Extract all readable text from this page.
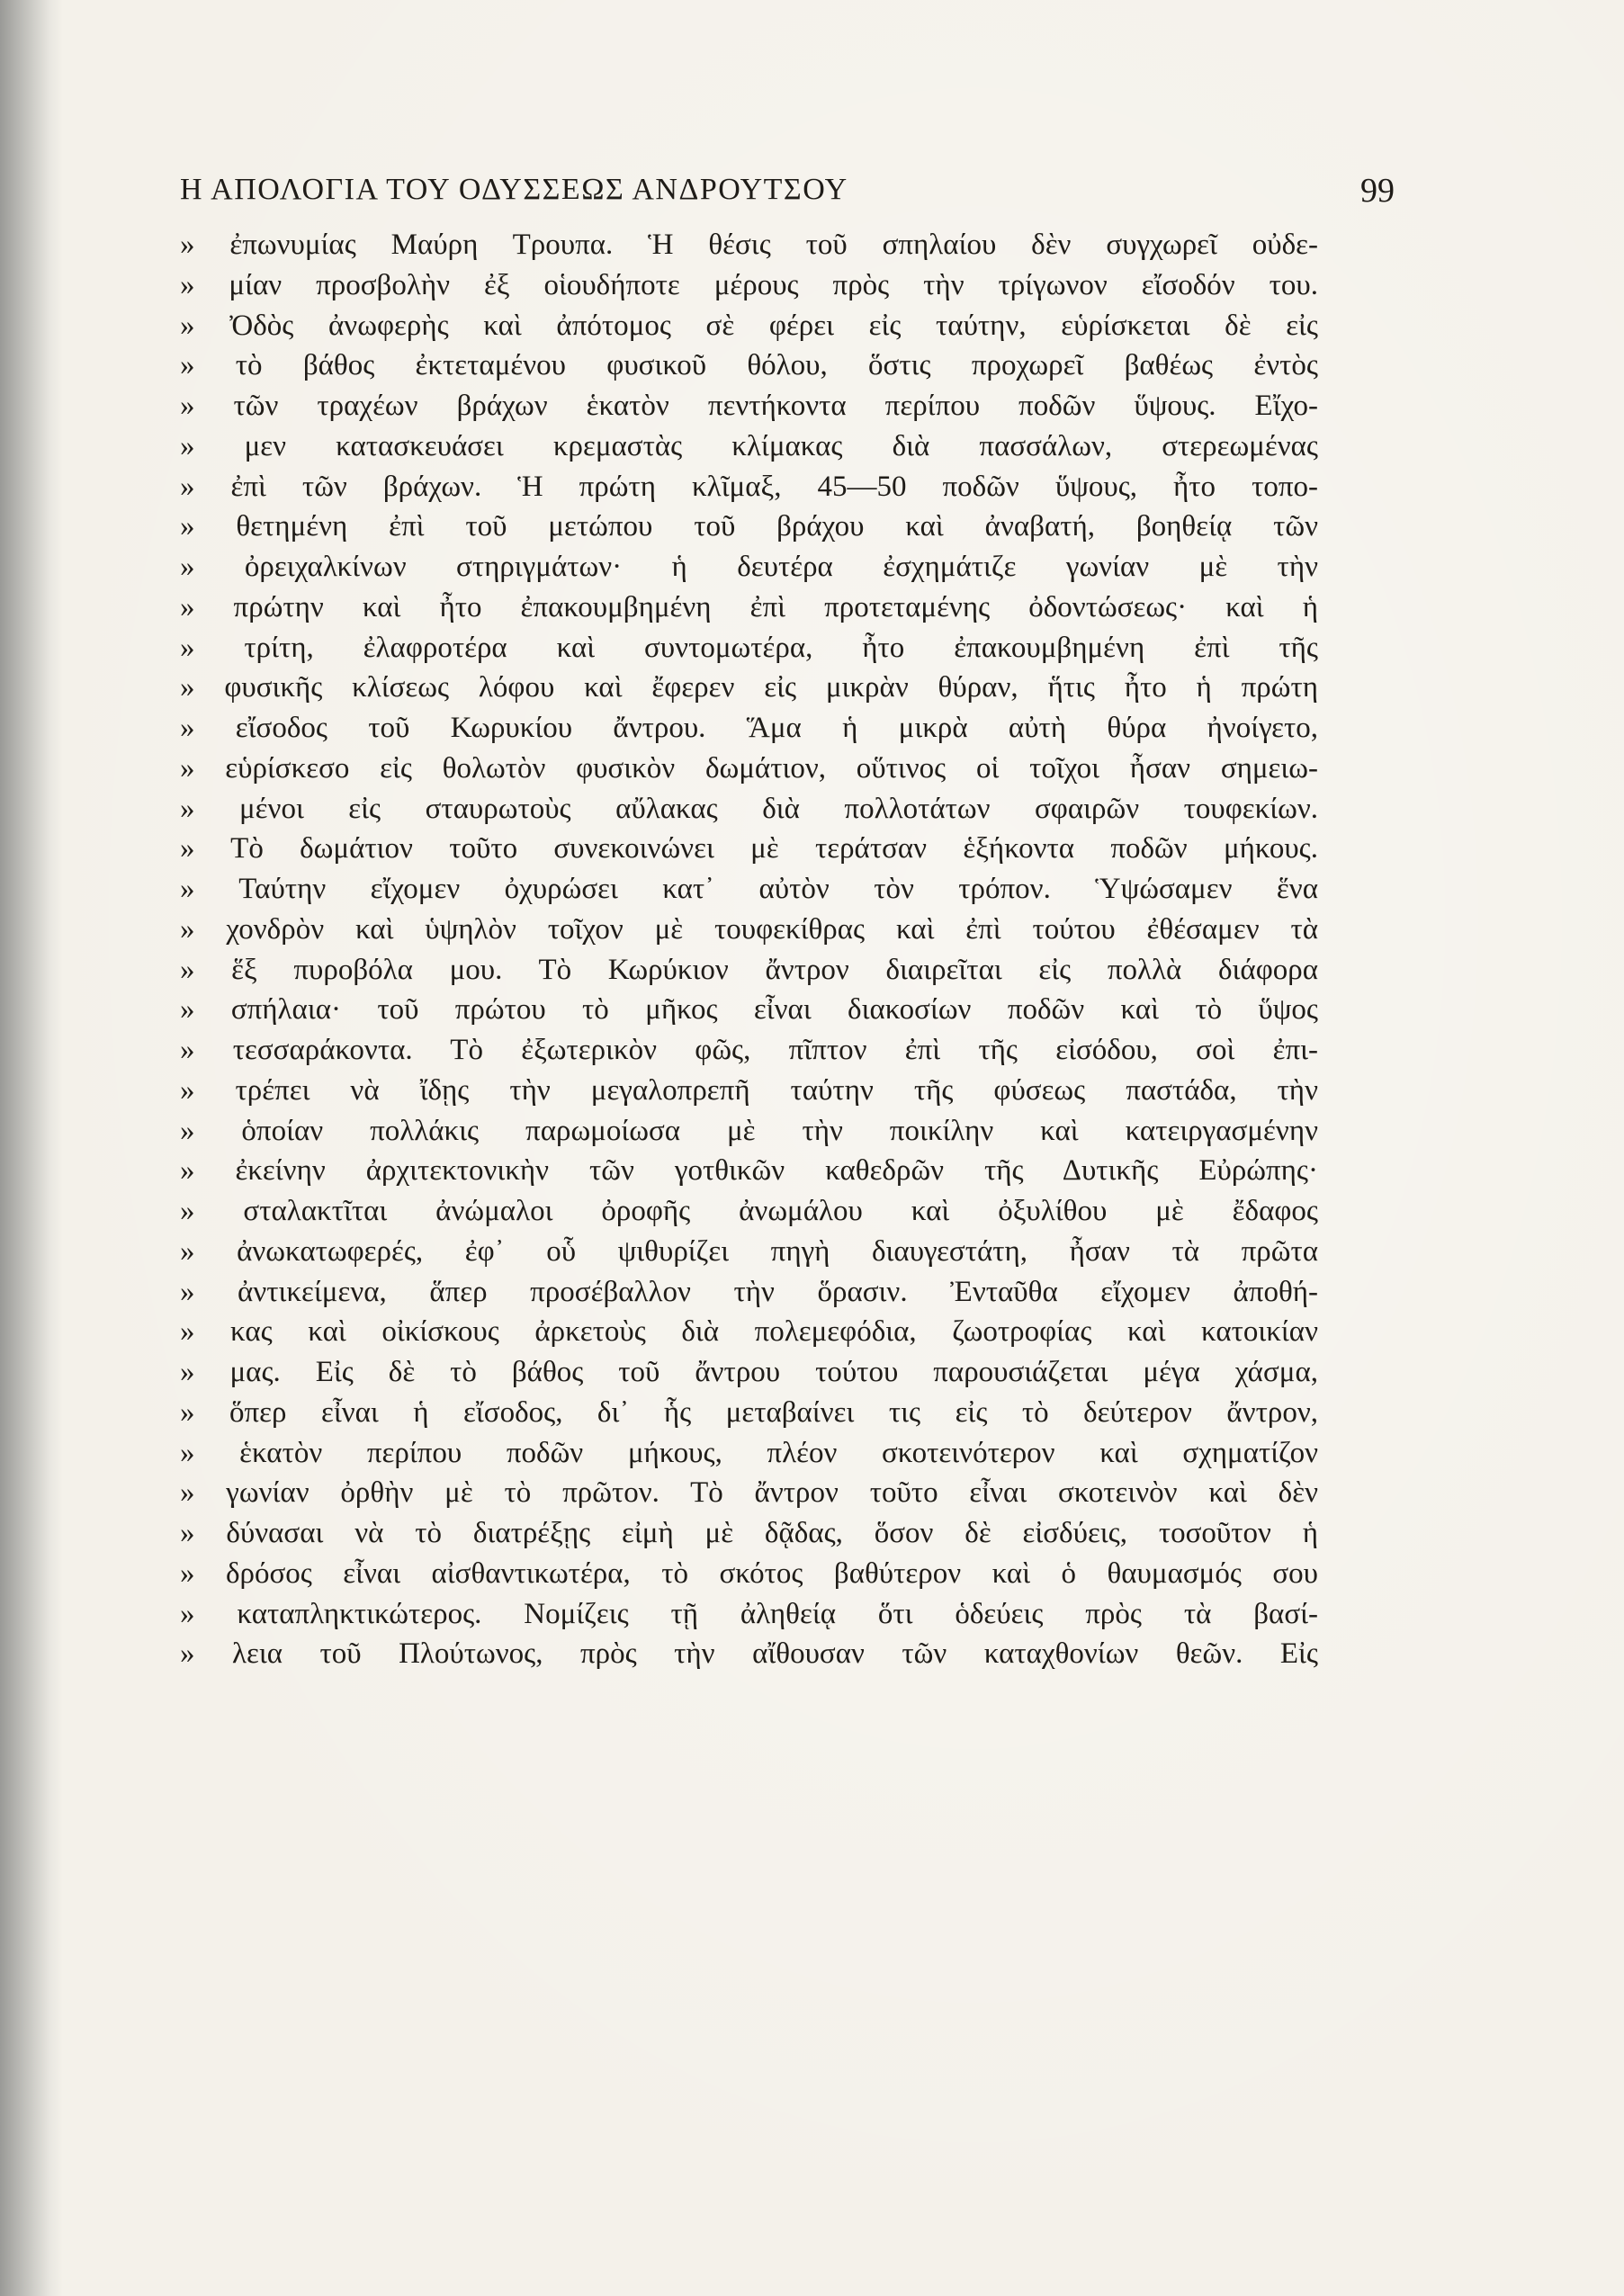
Η ΑΠΟΛΟΓΙΑ ΤΟΥ ΟΔΥΣΣΕΩΣ ΑΝΔΡΟΥΤΣΟΥ	99
» ἐπωνυμίας Μαύρη Τρουπα. Ἡ θέσις τοῦ σπηλαίου δὲν συγχωρεῖ οὐδε-
» μίαν προσβολὴν ἐξ οἱουδήποτε μέρους πρὸς τὴν τρίγωνον εἴσοδόν του.
» Ὀδὸς ἀνωφερὴς καὶ ἀπότομος σὲ φέρει εἰς ταύτην, εὑρίσκεται δὲ εἰς
» τὸ βάθος ἐκτεταμένου φυσικοῦ θόλου, ὅστις προχωρεῖ βαθέως ἐντὸς
» τῶν τραχέων βράχων ἑκατὸν πεντήκοντα περίπου ποδῶν ὕψους. Εἴχο-
» μεν κατασκευάσει κρεμαστὰς κλίμακας διὰ πασσάλων, στερεωμένας
» ἐπὶ τῶν βράχων. Ἡ πρώτη κλῖμαξ, 45—50 ποδῶν ὕψους, ἦτο τοπο-
» θετημένη ἐπὶ τοῦ μετώπου τοῦ βράχου καὶ ἀναβατή, βοηθείᾳ τῶν
» ὀρειχαλκίνων στηριγμάτων· ἡ δευτέρα ἐσχημάτιζε γωνίαν μὲ τὴν
» πρώτην καὶ ἦτο ἐπακουμβημένη ἐπὶ προτεταμένης ὀδοντώσεως· καὶ ἡ
» τρίτη, ἐλαφροτέρα καὶ συντομωτέρα, ἦτο ἐπακουμβημένη ἐπὶ τῆς
» φυσικῆς κλίσεως λόφου καὶ ἔφερεν εἰς μικρὰν θύραν, ἥτις ἦτο ἡ πρώτη
» εἴσοδος τοῦ Κωρυκίου ἄντρου. Ἅμα ἡ μικρὰ αὐτὴ θύρα ἠνοίγετο,
» εὑρίσκεσο εἰς θολωτὸν φυσικὸν δωμάτιον, οὕτινος οἱ τοῖχοι ἦσαν σημειω-
» μένοι εἰς σταυρωτοὺς αὔλακας διὰ πολλοτάτων σφαιρῶν τουφεκίων.
» Τὸ δωμάτιον τοῦτο συνεκοινώνει μὲ τεράτσαν ἑξήκοντα ποδῶν μήκους.
» Ταύτην εἴχομεν ὀχυρώσει κατ᾽ αὐτὸν τὸν τρόπον. Ὑψώσαμεν ἕνα
» χονδρὸν καὶ ὑψηλὸν τοῖχον μὲ τουφεκίθρας καὶ ἐπὶ τούτου ἐθέσαμεν τὰ
» ἕξ πυροβόλα μου. Τὸ Κωρύκιον ἄντρον διαιρεῖται εἰς πολλὰ διάφορα
» σπήλαια· τοῦ πρώτου τὸ μῆκος εἶναι διακοσίων ποδῶν καὶ τὸ ὕψος
» τεσσαράκοντα. Τὸ ἐξωτερικὸν φῶς, πῖπτον ἐπὶ τῆς εἰσόδου, σοὶ ἐπι-
» τρέπει νὰ ἴδῃς τὴν μεγαλοπρεπῆ ταύτην τῆς φύσεως παστάδα, τὴν
» ὁποίαν πολλάκις παρωμοίωσα μὲ τὴν ποικίλην καὶ κατειργασμένην
» ἐκείνην ἀρχιτεκτονικὴν τῶν γοτθικῶν καθεδρῶν τῆς Δυτικῆς Εὐρώπης·
» σταλακτῖται ἀνώμαλοι ὀροφῆς ἀνωμάλου καὶ ὀξυλίθου μὲ ἔδαφος
» ἀνωκατωφερές, ἐφ᾽ οὗ ψιθυρίζει πηγὴ διαυγεστάτη, ἦσαν τὰ πρῶτα
» ἀντικείμενα, ἅπερ προσέβαλλον τὴν ὅρασιν. Ἐνταῦθα εἴχομεν ἀποθή-
» κας καὶ οἰκίσκους ἀρκετοὺς διὰ πολεμεφόδια, ζωοτροφίας καὶ κατοικίαν
» μας. Εἰς δὲ τὸ βάθος τοῦ ἄντρου τούτου παρουσιάζεται μέγα χάσμα,
» ὅπερ εἶναι ἡ εἴσοδος, δι᾽ ἧς μεταβαίνει τις εἰς τὸ δεύτερον ἄντρον,
» ἑκατὸν περίπου ποδῶν μήκους, πλέον σκοτεινότερον καὶ σχηματίζον
» γωνίαν ὀρθὴν μὲ τὸ πρῶτον. Τὸ ἄντρον τοῦτο εἶναι σκοτεινὸν καὶ δὲν
» δύνασαι νὰ τὸ διατρέξῃς εἰμὴ μὲ δᾷδας, ὅσον δὲ εἰσδύεις, τοσοῦτον ἡ
» δρόσος εἶναι αἰσθαντικωτέρα, τὸ σκότος βαθύτερον καὶ ὁ θαυμασμός σου
» καταπληκτικώτερος. Νομίζεις τῇ ἀληθείᾳ ὅτι ὁδεύεις πρὸς τὰ βασί-
» λεια τοῦ Πλούτωνος, πρὸς τὴν αἴθουσαν τῶν καταχθονίων θεῶν. Εἰς
